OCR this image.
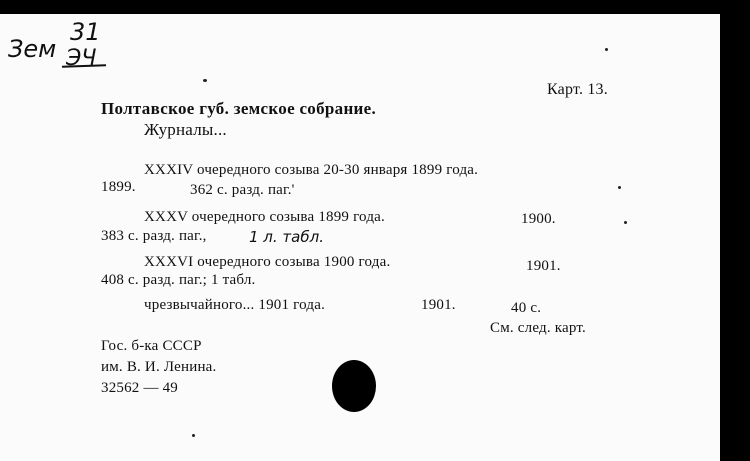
Зем
31
ЭЧ
Карт. 13.
Полтавское губ. земское собрание.
Журналы...
XXXIV очередного созыва 20-30 января 1899 года.
1899.	362 с. разд. паг.'
XXXV очередного созыва 1899 года.	1900.
383 с. разд. паг.,	1 л. табл.
XXXVI очередного созыва 1900 года.	1901.
408 с. разд. паг.; 1 табл.
чрезвычайного... 1901 года.	1901.	40 с.
См. след. карт.
Гос. б-ка СССР
им. В. И. Ленина.
32562 — 49
